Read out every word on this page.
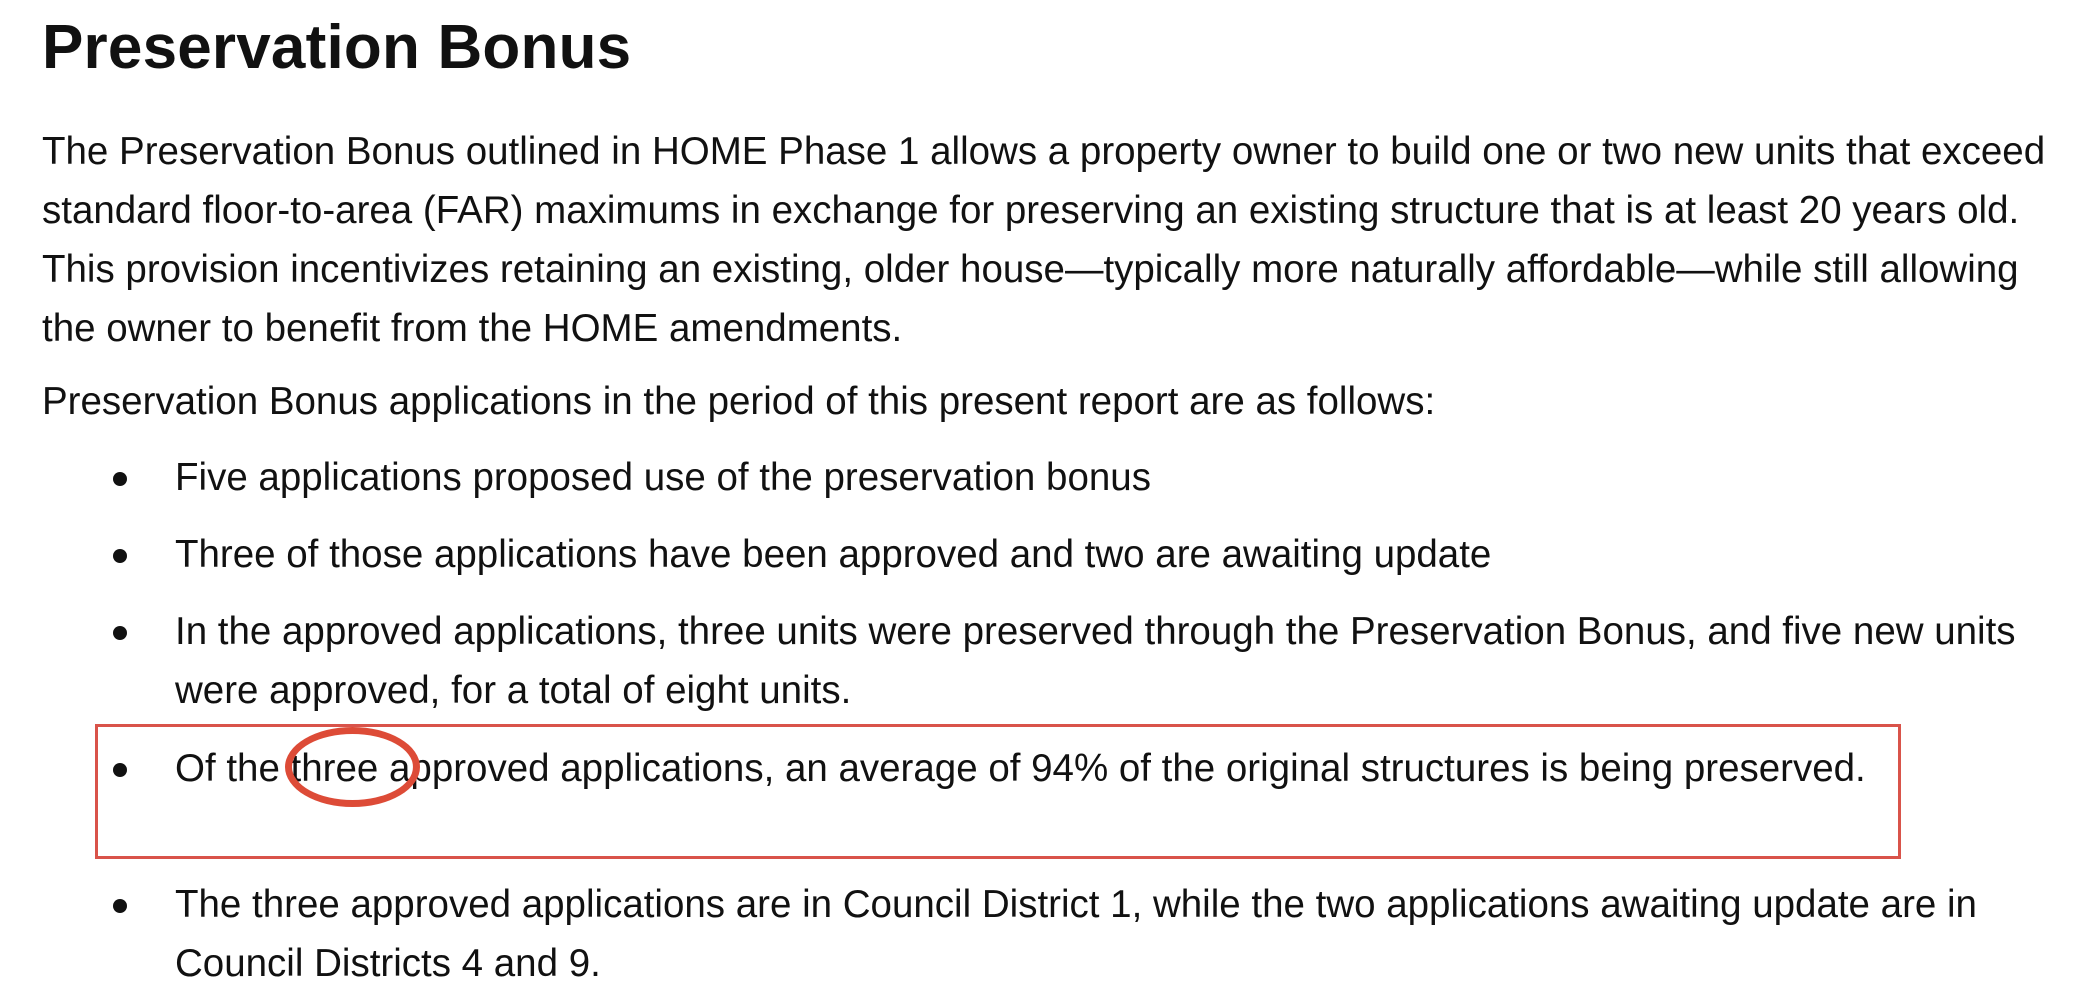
Preservation Bonus

The Preservation Bonus outlined in HOME Phase 1 allows a property owner to build one or two new units that exceed standard floor-to-area (FAR) maximums in exchange for preserving an existing structure that is at least 20 years old. This provision incentivizes retaining an existing, older house—typically more naturally affordable—while still allowing the owner to benefit from the HOME amendments.

Preservation Bonus applications in the period of this present report are as follows:

Five applications proposed use of the preservation bonus

Three of those applications have been approved and two are awaiting update

In the approved applications, three units were preserved through the Preservation Bonus, and five new units were approved, for a total of eight units.

Of the three approved applications, an average of 94% of the original structures is being preserved.

The three approved applications are in Council District 1, while the two applications awaiting update are in Council Districts 4 and 9.
